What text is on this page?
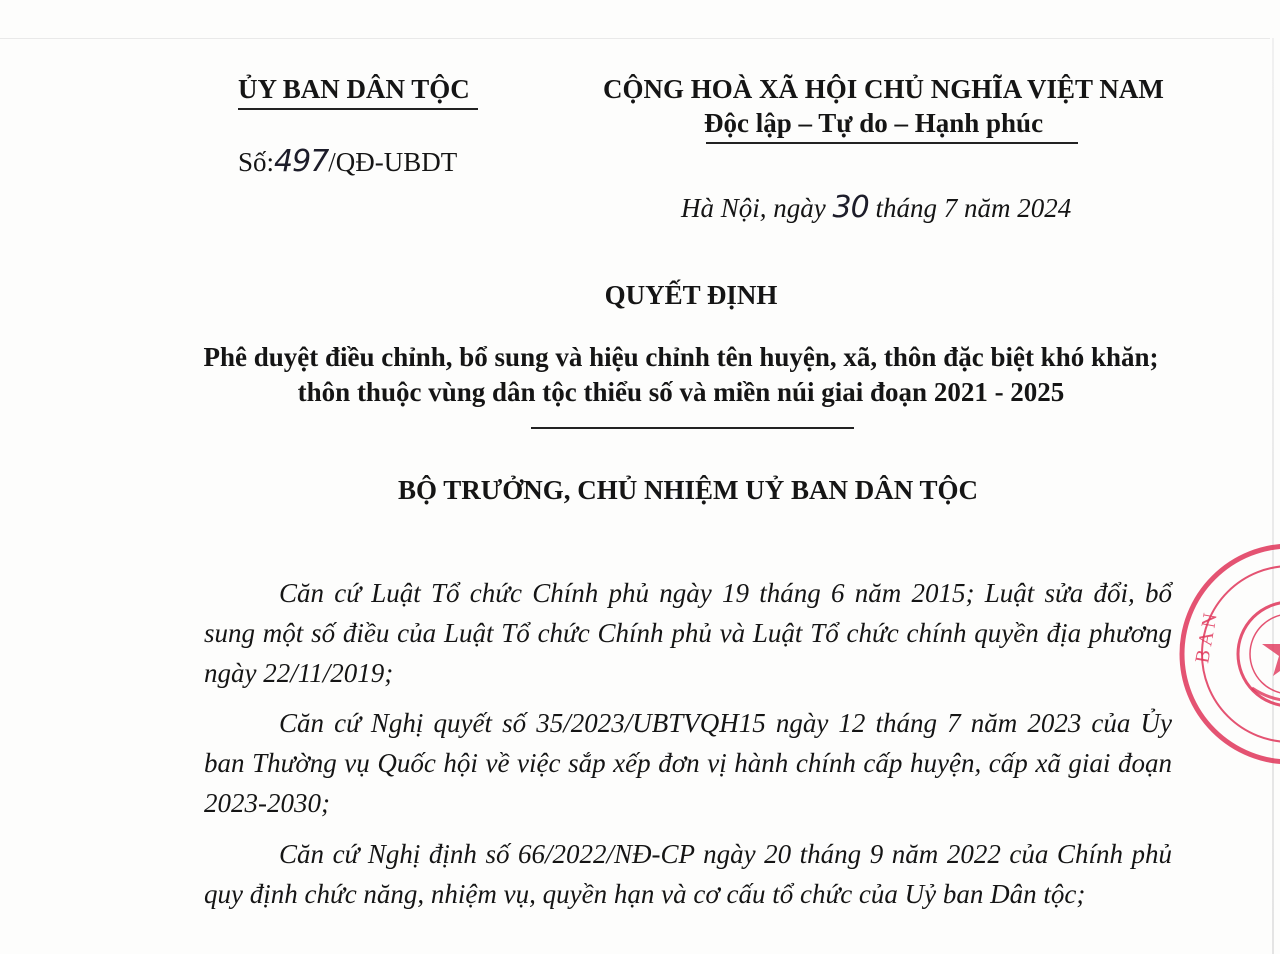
ỦY BAN DÂN TỘC
Số:497/QĐ-UBDT
CỘNG HOÀ XÃ HỘI CHỦ NGHĨA VIỆT NAM
Độc lập – Tự do – Hạnh phúc
Hà Nội, ngày 30 tháng 7 năm 2024
QUYẾT ĐỊNH
Phê duyệt điều chỉnh, bổ sung và hiệu chỉnh tên huyện, xã, thôn đặc biệt khó khăn; thôn thuộc vùng dân tộc thiểu số và miền núi giai đoạn 2021 - 2025
BỘ TRƯỞNG, CHỦ NHIỆM UỶ BAN DÂN TỘC
Căn cứ Luật Tổ chức Chính phủ ngày 19 tháng 6 năm 2015; Luật sửa đổi, bổ sung một số điều của Luật Tổ chức Chính phủ và Luật Tổ chức chính quyền địa phương ngày 22/11/2019;
Căn cứ Nghị quyết số 35/2023/UBTVQH15 ngày 12 tháng 7 năm 2023 của Ủy ban Thường vụ Quốc hội về việc sắp xếp đơn vị hành chính cấp huyện, cấp xã giai đoạn 2023-2030;
Căn cứ Nghị định số 66/2022/NĐ-CP ngày 20 tháng 9 năm 2022 của Chính phủ quy định chức năng, nhiệm vụ, quyền hạn và cơ cấu tổ chức của Uỷ ban Dân tộc;
BAN
